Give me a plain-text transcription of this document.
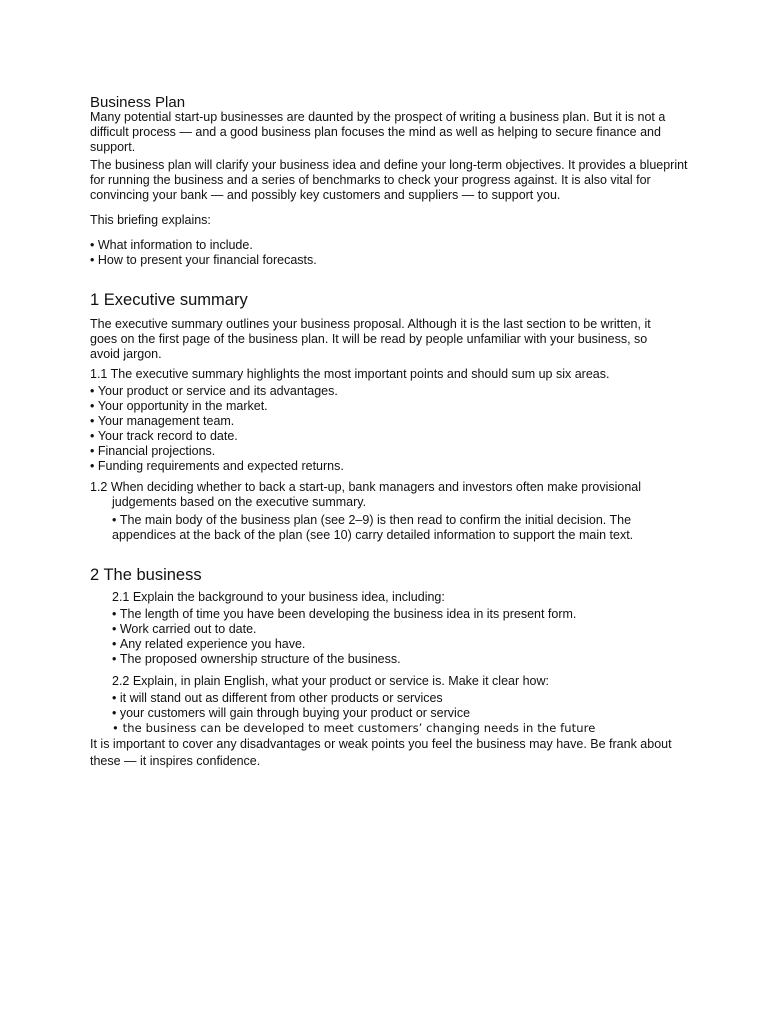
Business Plan

Many potential start-up businesses are daunted by the prospect of writing a business plan. But it is not a difficult process — and a good business plan focuses the mind as well as helping to secure finance and support.

The business plan will clarify your business idea and define your long-term objectives. It provides a blueprint for running the business and a series of benchmarks to check your progress against. It is also vital for convincing your bank — and possibly key customers and suppliers — to support you.

This briefing explains:

• What information to include.
• How to present your financial forecasts.
1 Executive summary

The executive summary outlines your business proposal. Although it is the last section to be written, it goes on the first page of the business plan. It will be read by people unfamiliar with your business, so avoid jargon.

1.1 The executive summary highlights the most important points and should sum up six areas.

• Your product or service and its advantages.
• Your opportunity in the market.
• Your management team.
• Your track record to date.
• Financial projections.
• Funding requirements and expected returns.

1.2 When deciding whether to back a start-up, bank managers and investors often make provisional judgements based on the executive summary.

• The main body of the business plan (see 2–9) is then read to confirm the initial decision. The appendices at the back of the plan (see 10) carry detailed information to support the main text.
2 The business

2.1 Explain the background to your business idea, including:

• The length of time you have been developing the business idea in its present form.
• Work carried out to date.
• Any related experience you have.
• The proposed ownership structure of the business.

2.2 Explain, in plain English, what your product or service is. Make it clear how:

• it will stand out as different from other products or services
• your customers will gain through buying your product or service
• the business can be developed to meet customers’ changing needs in the future

It is important to cover any disadvantages or weak points you feel the business may have. Be frank about these — it inspires confidence.
